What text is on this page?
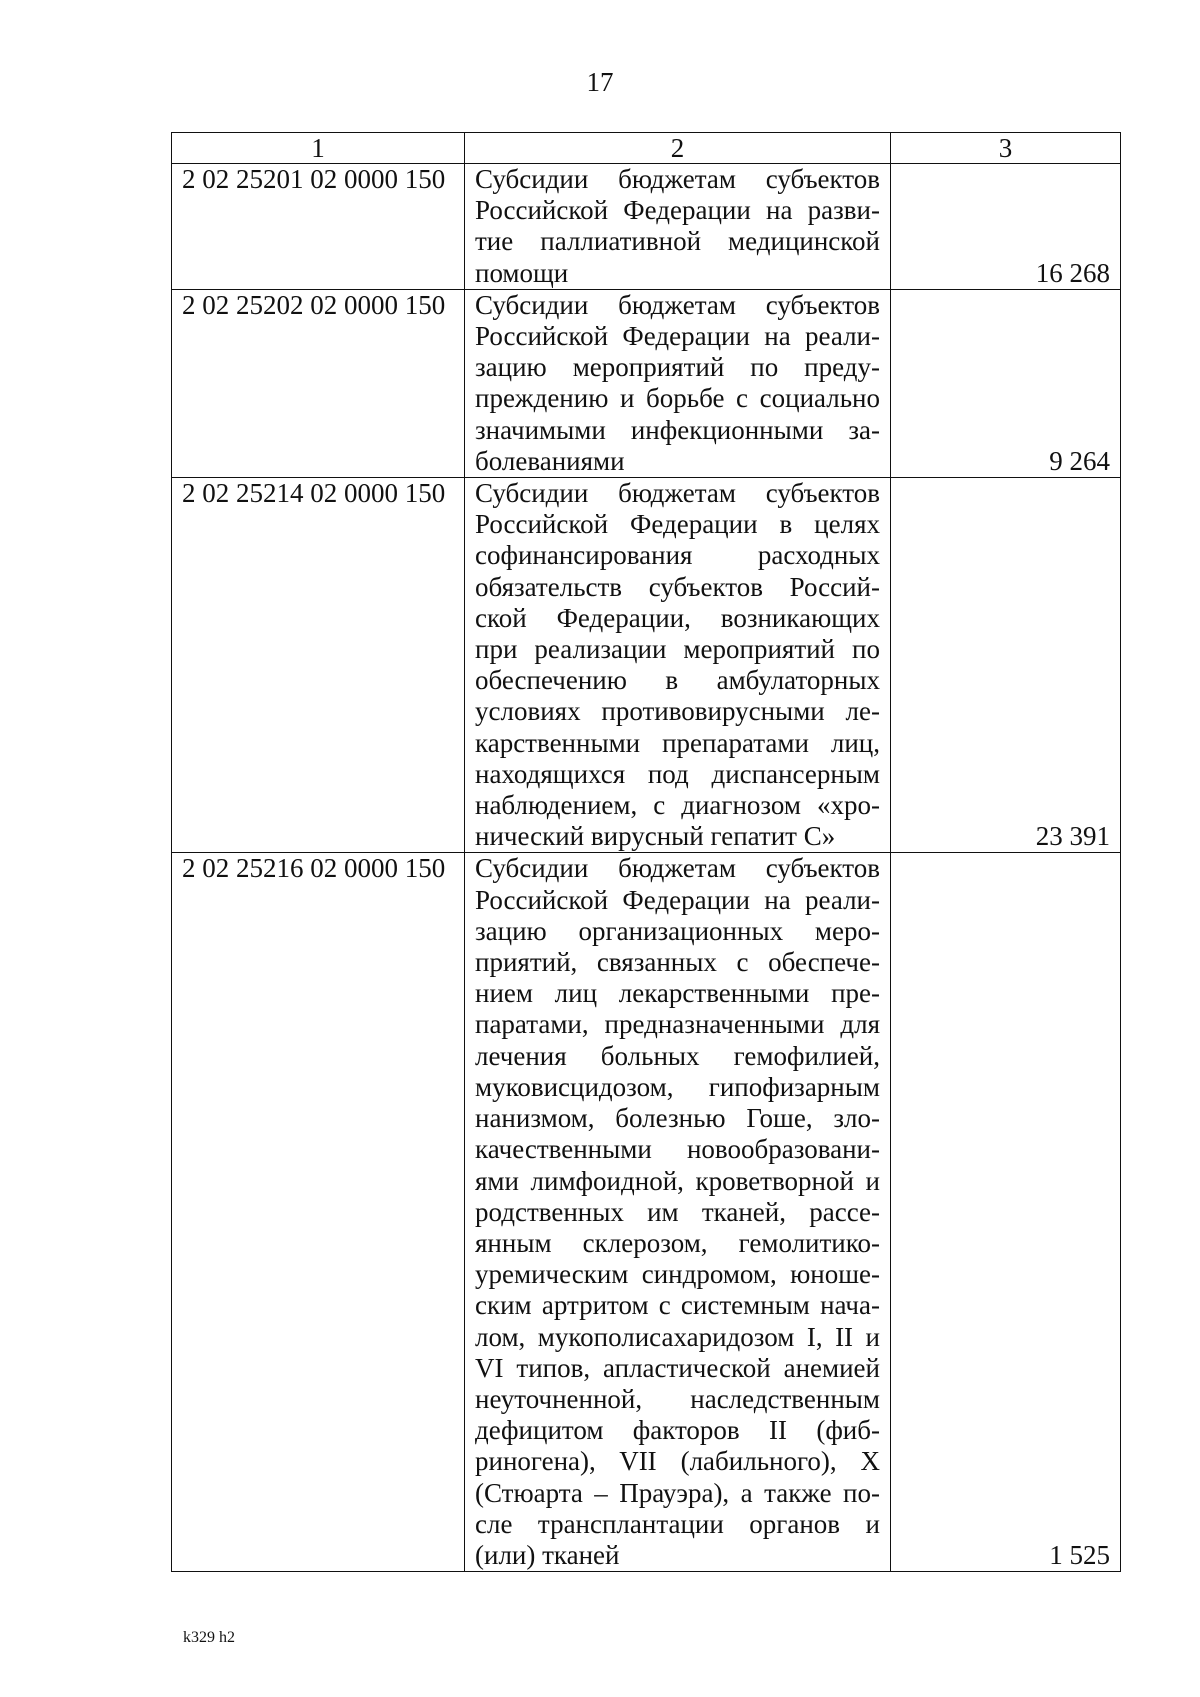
17
1	2	3
2 02 25201 02 0000 150	Субсидии бюджетам субъектов Российской Федерации на развитие паллиативной медицинской помощи	16 268
2 02 25202 02 0000 150	Субсидии бюджетам субъектов Российской Федерации на реализацию мероприятий по предупреждению и борьбе с социально значимыми инфекционными заболеваниями	9 264
2 02 25214 02 0000 150	Субсидии бюджетам субъектов Российской Федерации в целях софинансирования расходных обязательств субъектов Российской Федерации, возникающих при реализации мероприятий по обеспечению в амбулаторных условиях противовирусными лекарственными препаратами лиц, находящихся под диспансерным наблюдением, с диагнозом «хронический вирусный гепатит С»	23 391
2 02 25216 02 0000 150	Субсидии бюджетам субъектов Российской Федерации на реализацию организационных мероприятий, связанных с обеспечением лиц лекарственными препаратами, предназначенными для лечения больных гемофилией, муковисцидозом, гипофизарным нанизмом, болезнью Гоше, злокачественными новообразованиями лимфоидной, кроветворной и родственных им тканей, рассеянным склерозом, гемолитико-уремическим синдромом, юношеским артритом с системным началом, мукополисахаридозом I, II и VI типов, апластической анемией неуточненной, наследственным дефицитом факторов II (фибриногена), VII (лабильного), X (Стюарта – Прауэра), а также после трансплантации органов и (или) тканей	1 525
k329 h2
